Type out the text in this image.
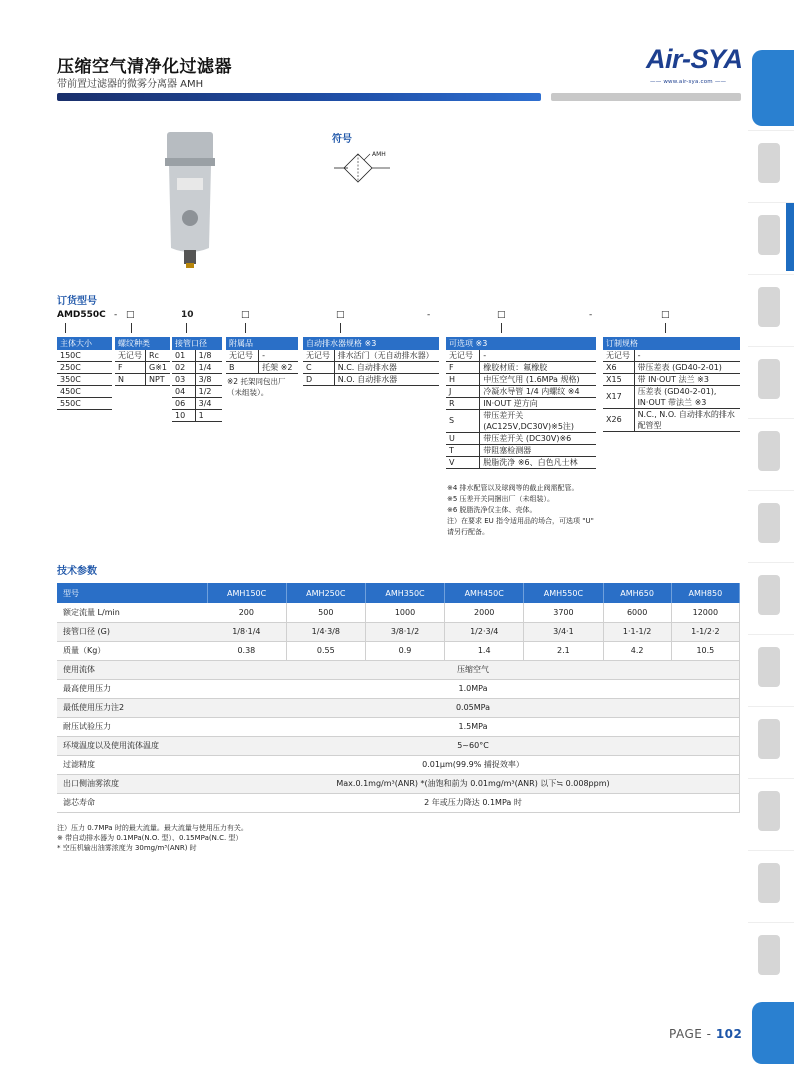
压缩空气清净化过滤器
带前置过滤器的微雾分离器 AMH
Air-SYA
—— www.air-sya.com ——
符号
AMH
订货型号
AMD550C - □	10	□	□	-	□	-	□
主体大小
150C
250C
350C
450C
550C
螺纹种类	
无记号	Rc
F	G※1
N	NPT
接管口径	
01	1/8
02	1/4
03	3/8
04	1/2
06	3/4
10	1
附属品	
无记号	-
B	托架 ※2
※2 托架同包出厂
（未组装）。
自动排水器规格 ※3	
无记号	排水活门（无自动排水器）
C	N.C. 自动排水器
D	N.O. 自动排水器
可选项 ※3	
无记号	-
F	橡胶材质：氟橡胶
H	中压空气用 (1.6MPa 规格)
J	冷凝水导管 1/4 内螺纹 ※4
R	IN·OUT 逆方向
S	带压差开关 (AC125V,DC30V)※5注)
U	带压差开关 (DC30V)※6
T	带阻塞检测器
V	脱脂洗净 ※6、白色凡士林
※4 排水配管以及球阀等的截止阀需配管。
※5 压差开关同捆出厂（未组装）。
※6 脱脂洗净仅主体、壳体。
注）在要求 EU 指令适用品的场合，可选项 "U"
请另行配备。
订制规格	
无记号	-
X6	带压差表 (GD40-2-01)
X15	带 IN·OUT 法兰 ※3
X17	压差表 (GD40-2-01), IN·OUT 带法兰 ※3
X26	N.C., N.O. 自动排水的排水配管型
技术参数
型号	AMH150C	AMH250C	AMH350C	AMH450C	AMH550C	AMH650	AMH850
额定流量 L/min	200	500	1000	2000	3700	6000	12000
接管口径 (G)	1/8·1/4	1/4·3/8	3/8·1/2	1/2·3/4	3/4·1	1·1-1/2	1-1/2·2
质量（Kg）	0.38	0.55	0.9	1.4	2.1	4.2	10.5
使用流体	压缩空气						
最高使用压力	1.0MPa						
最低使用压力注2	0.05MPa						
耐压试验压力	1.5MPa						
环境温度以及使用流体温度	5~60°C						
过滤精度	0.01μm(99.9% 捕捉效率）						
出口侧油雾浓度	Max.0.1mg/m³(ANR) *(油饱和前为 0.01mg/m³(ANR) 以下≒ 0.008ppm)						
滤芯寿命	2 年或压力降达 0.1MPa 时						
注）压力 0.7MPa 时的最大流量。最大流量与使用压力有关。
※ 带自动排水器为 0.1MPa(N.O. 型）、0.15MPa(N.C. 型）
* 空压机输出油雾浓度为 30mg/m³(ANR) 时
PAGE - 102
